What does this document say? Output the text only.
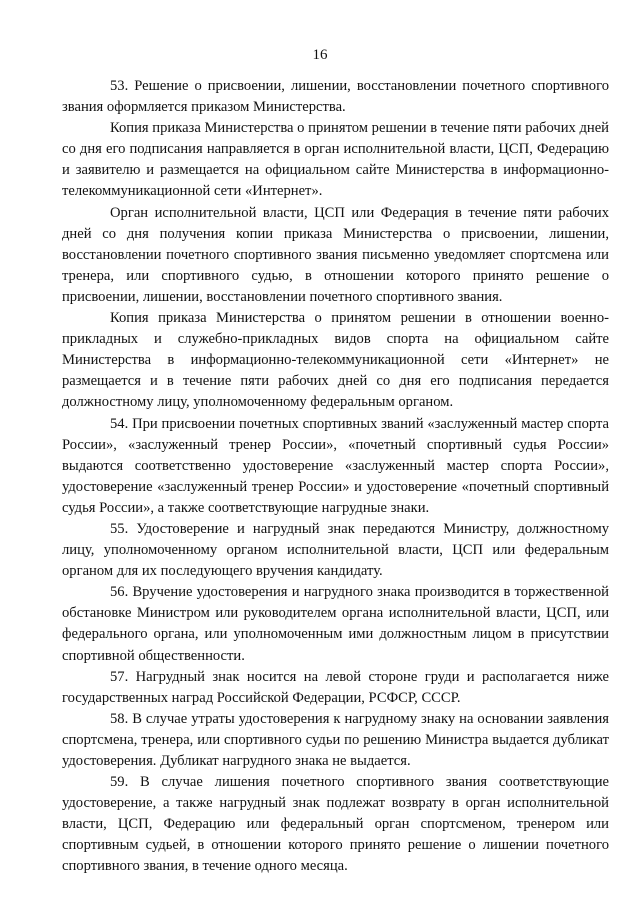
16

53. Решение о присвоении, лишении, восстановлении почетного спортивного звания оформляется приказом Министерства.

Копия приказа Министерства о принятом решении в течение пяти рабочих дней со дня его подписания направляется в орган исполнительной власти, ЦСП, Федерацию и заявителю и размещается на официальном сайте Министерства в информационно-телекоммуникационной сети «Интернет».

Орган исполнительной власти, ЦСП или Федерация в течение пяти рабочих дней со дня получения копии приказа Министерства о присвоении, лишении, восстановлении почетного спортивного звания письменно уведомляет спортсмена или тренера, или спортивного судью, в отношении которого принято решение о присвоении, лишении, восстановлении почетного спортивного звания.

Копия приказа Министерства о принятом решении в отношении военно-прикладных и служебно-прикладных видов спорта на официальном сайте Министерства в информационно-телекоммуникационной сети «Интернет» не размещается и в течение пяти рабочих дней со дня его подписания передается должностному лицу, уполномоченному федеральным органом.

54. При присвоении почетных спортивных званий «заслуженный мастер спорта России», «заслуженный тренер России», «почетный спортивный судья России» выдаются соответственно удостоверение «заслуженный мастер спорта России», удостоверение «заслуженный тренер России» и удостоверение «почетный спортивный судья России», а также соответствующие нагрудные знаки.

55. Удостоверение и нагрудный знак передаются Министру, должностному лицу, уполномоченному органом исполнительной власти, ЦСП или федеральным органом для их последующего вручения кандидату.

56. Вручение удостоверения и нагрудного знака производится в торжественной обстановке Министром или руководителем органа исполнительной власти, ЦСП, или федерального органа, или уполномоченным ими должностным лицом в присутствии спортивной общественности.

57. Нагрудный знак носится на левой стороне груди и располагается ниже государственных наград Российской Федерации, РСФСР, СССР.

58. В случае утраты удостоверения к нагрудному знаку на основании заявления спортсмена, тренера, или спортивного судьи по решению Министра выдается дубликат удостоверения. Дубликат нагрудного знака не выдается.

59. В случае лишения почетного спортивного звания соответствующие удостоверение, а также нагрудный знак подлежат возврату в орган исполнительной власти, ЦСП, Федерацию или федеральный орган спортсменом, тренером или спортивным судьей, в отношении которого принято решение о лишении почетного спортивного звания, в течение одного месяца.
